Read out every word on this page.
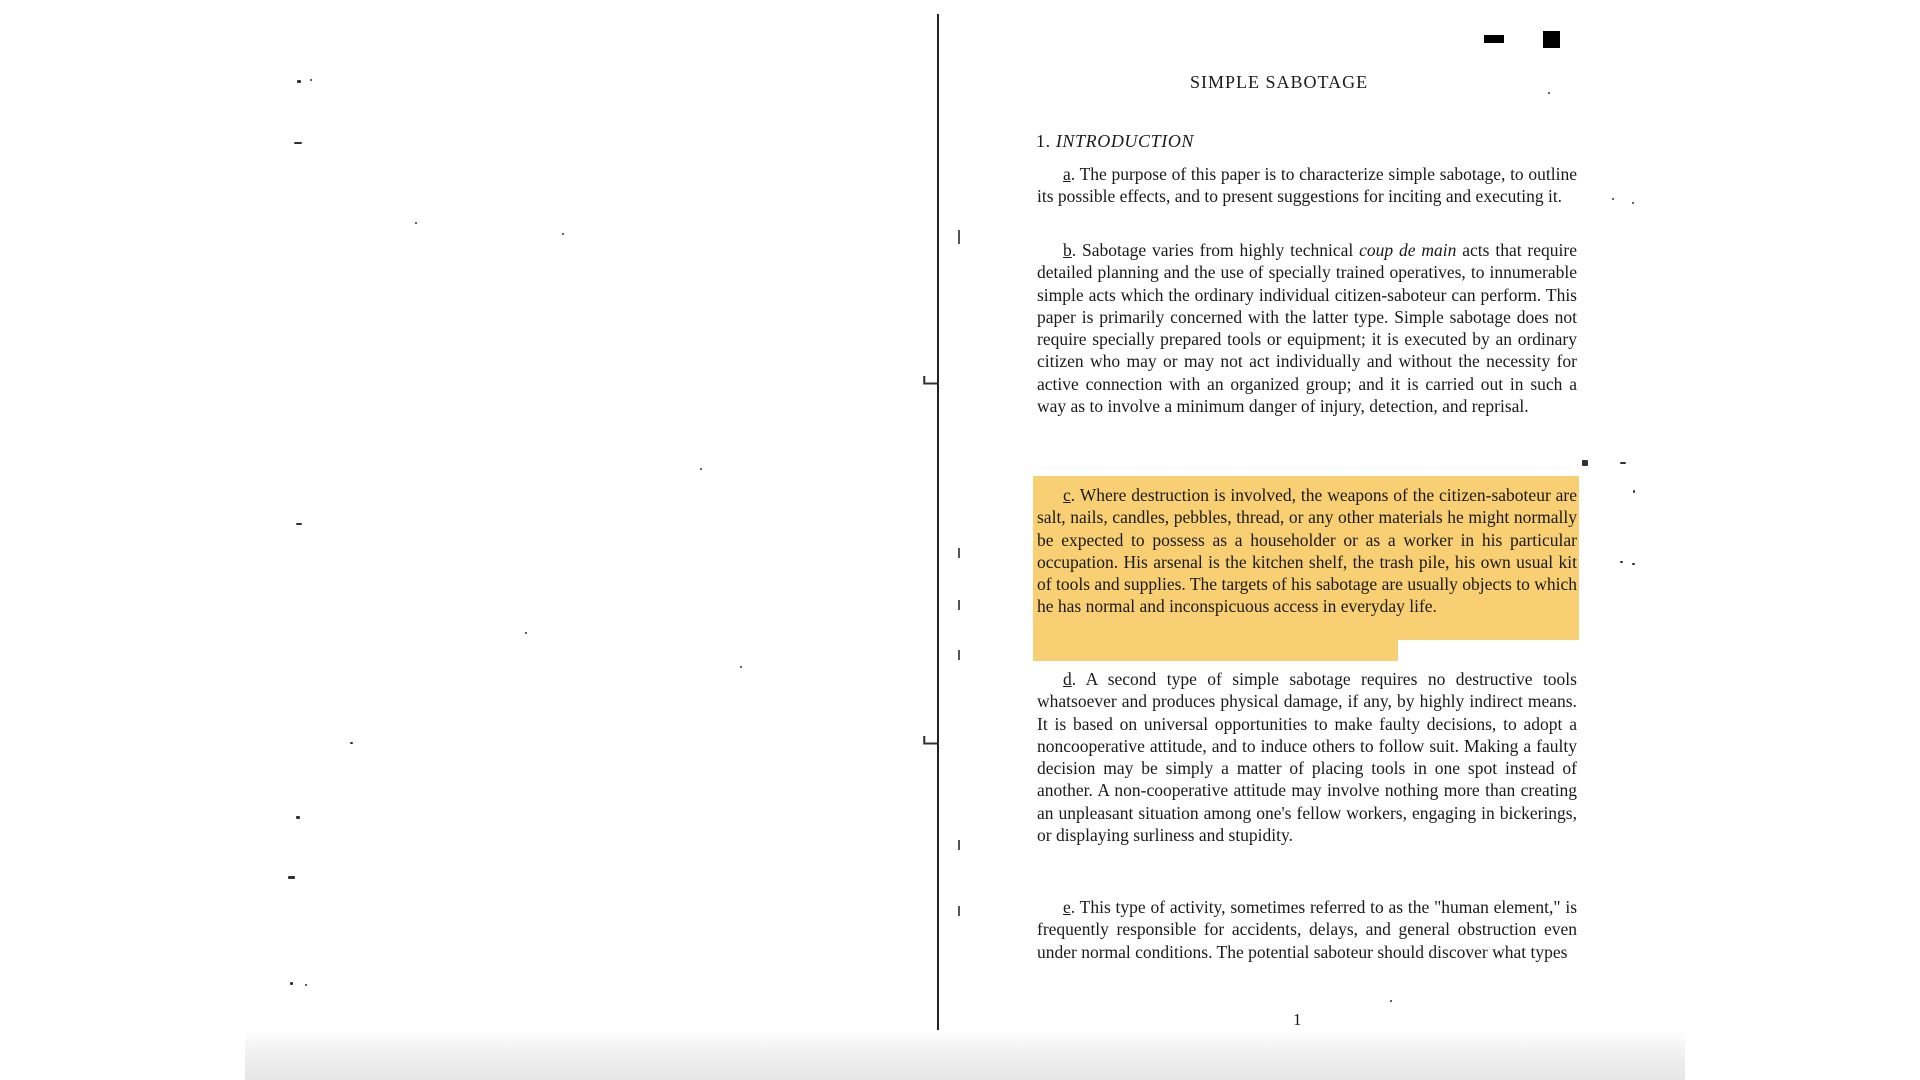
⨽
⨽
SIMPLE SABOTAGE
1. INTRODUCTION

a. The purpose of this paper is to characterize simple sabotage, to outline its possible effects, and to present suggestions for inciting and executing it.

b. Sabotage varies from highly technical coup de main acts that require detailed planning and the use of specially trained operatives, to innumerable simple acts which the ordinary individual citizen-saboteur can perform. This paper is primarily concerned with the latter type. Simple sabotage does not require specially prepared tools or equipment; it is executed by an ordinary citizen who may or may not act individually and without the necessity for active connection with an organized group; and it is carried out in such a way as to involve a minimum danger of injury, detection, and reprisal.

c. Where destruction is involved, the weapons of the citizen-saboteur are salt, nails, candles, pebbles, thread, or any other materials he might normally be expected to possess as a householder or as a worker in his particular occupation. His arsenal is the kitchen shelf, the trash pile, his own usual kit of tools and supplies. The targets of his sabotage are usually objects to which he has normal and inconspicuous access in everyday life.

d. A second type of simple sabotage requires no destructive tools whatsoever and produces physical damage, if any, by highly indirect means. It is based on universal opportunities to make faulty decisions, to adopt a noncooperative attitude, and to induce others to follow suit. Making a faulty decision may be simply a matter of placing tools in one spot instead of another. A non-cooperative attitude may involve nothing more than creating an unpleasant situation among one's fellow workers, engaging in bickerings, or displaying surliness and stupidity.

e. This type of activity, sometimes referred to as the "human element," is frequently responsible for accidents, delays, and general obstruction even under normal conditions. The potential saboteur should discover what types

1
